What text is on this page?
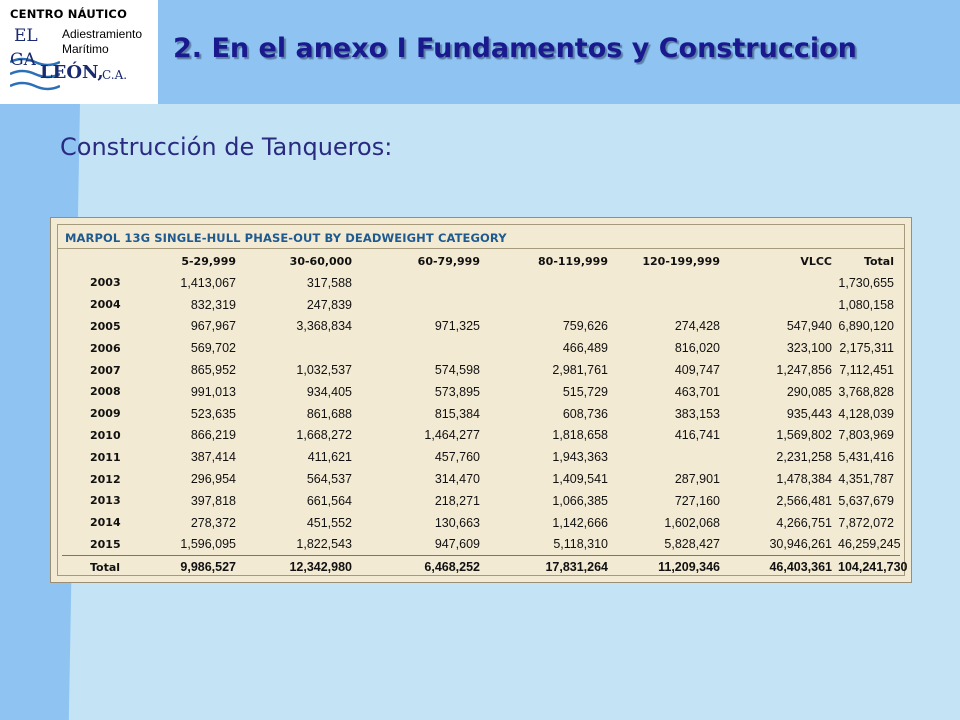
CENTRO NÁUTICO
EL
GA
LEÓN,
C.A.
Adiestramiento
Marítimo 2. En el anexo I Fundamentos y Construccion
Construcción de Tanqueros:
MARPOL 13G SINGLE-HULL PHASE-OUT BY DEADWEIGHT CATEGORY
	5-29,999	30-60,000	60-79,999	80-119,999	120-199,999	VLCC	Total
2003	1,413,067	317,588					1,730,655
2004	832,319	247,839					1,080,158
2005	967,967	3,368,834	971,325	759,626	274,428	547,940	6,890,120
2006	569,702			466,489	816,020	323,100	2,175,311
2007	865,952	1,032,537	574,598	2,981,761	409,747	1,247,856	7,112,451
2008	991,013	934,405	573,895	515,729	463,701	290,085	3,768,828
2009	523,635	861,688	815,384	608,736	383,153	935,443	4,128,039
2010	866,219	1,668,272	1,464,277	1,818,658	416,741	1,569,802	7,803,969
2011	387,414	411,621	457,760	1,943,363		2,231,258	5,431,416
2012	296,954	564,537	314,470	1,409,541	287,901	1,478,384	4,351,787
2013	397,818	661,564	218,271	1,066,385	727,160	2,566,481	5,637,679
2014	278,372	451,552	130,663	1,142,666	1,602,068	4,266,751	7,872,072
2015	1,596,095	1,822,543	947,609	5,118,310	5,828,427	30,946,261	46,259,245
Total	9,986,527	12,342,980	6,468,252	17,831,264	11,209,346	46,403,361	104,241,730
